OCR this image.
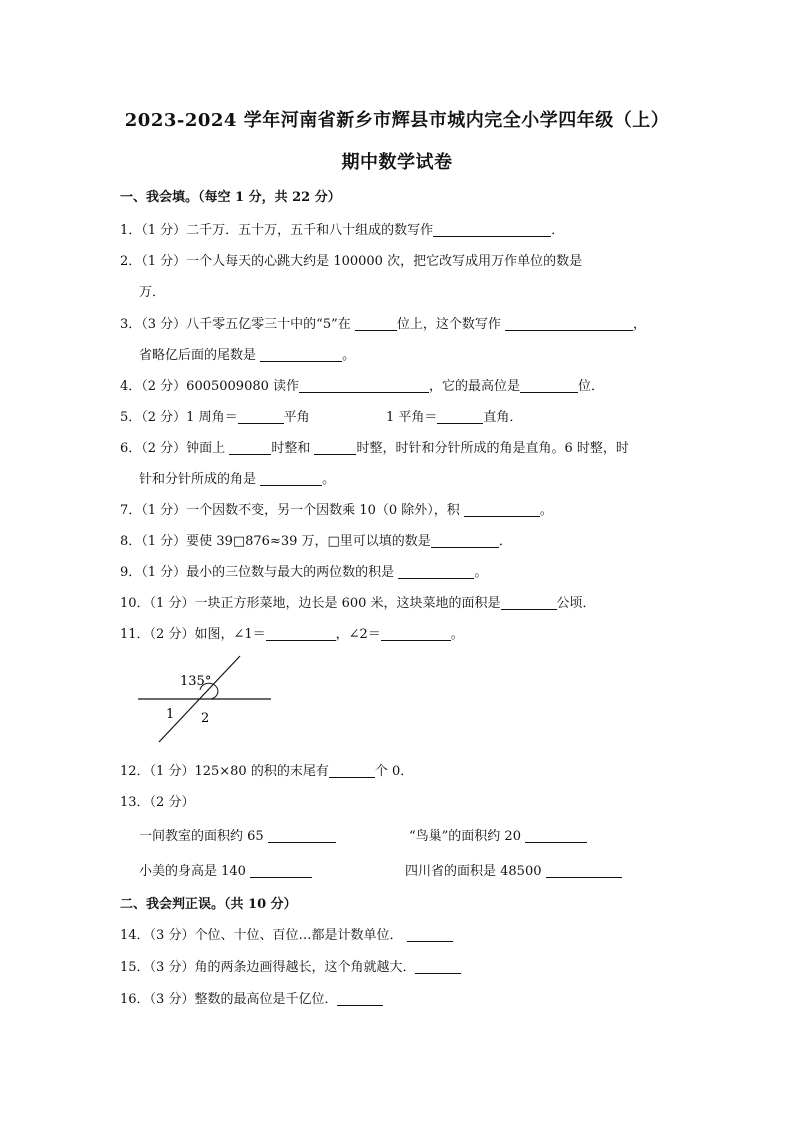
2023-2024 学年河南省新乡市辉县市城内完全小学四年级（上）
期中数学试卷
一、我会填。（每空 1 分，共 22 分）
1．（1 分）二千万．五十万，五千和八十组成的数写作	．
2．（1 分）一个人每天的心跳大约是 100000 次，把它改写成用万作单位的数是
万．
3．（3 分）八千零五亿零三十中的“5”在	位上，这个数写作	，
省略亿后面的尾数是	。
4．（2 分）6005009080 读作	，它的最高位是	位．
5．（2 分）1 周角＝	平角	1 平角＝	直角．
6．（2 分）钟面上	时整和	时整，时针和分针所成的角是直角。6 时整，时
针和分针所成的角是	。
7．（1 分）一个因数不变，另一个因数乘 10（0 除外），积	。
8．（1 分）要使 39□876≈39 万，□里可以填的数是	．
9．（1 分）最小的三位数与最大的两位数的积是	。
10．（1 分）一块正方形菜地，边长是 600 米，这块菜地的面积是	公顷．
11．（2 分）如图，∠1＝	，∠2＝	。
135°
1 2
12．（1 分）125×80 的积的末尾有	个 0．
13．（2 分）
一间教室的面积约 65	“鸟巢”的面积约 20
小美的身高是 140	四川省的面积是 48500
二、我会判正误。（共 10 分）
14．（3 分）个位、十位、百位…都是计数单位．
15．（3 分）角的两条边画得越长，这个角就越大．
16．（3 分）整数的最高位是千亿位．
